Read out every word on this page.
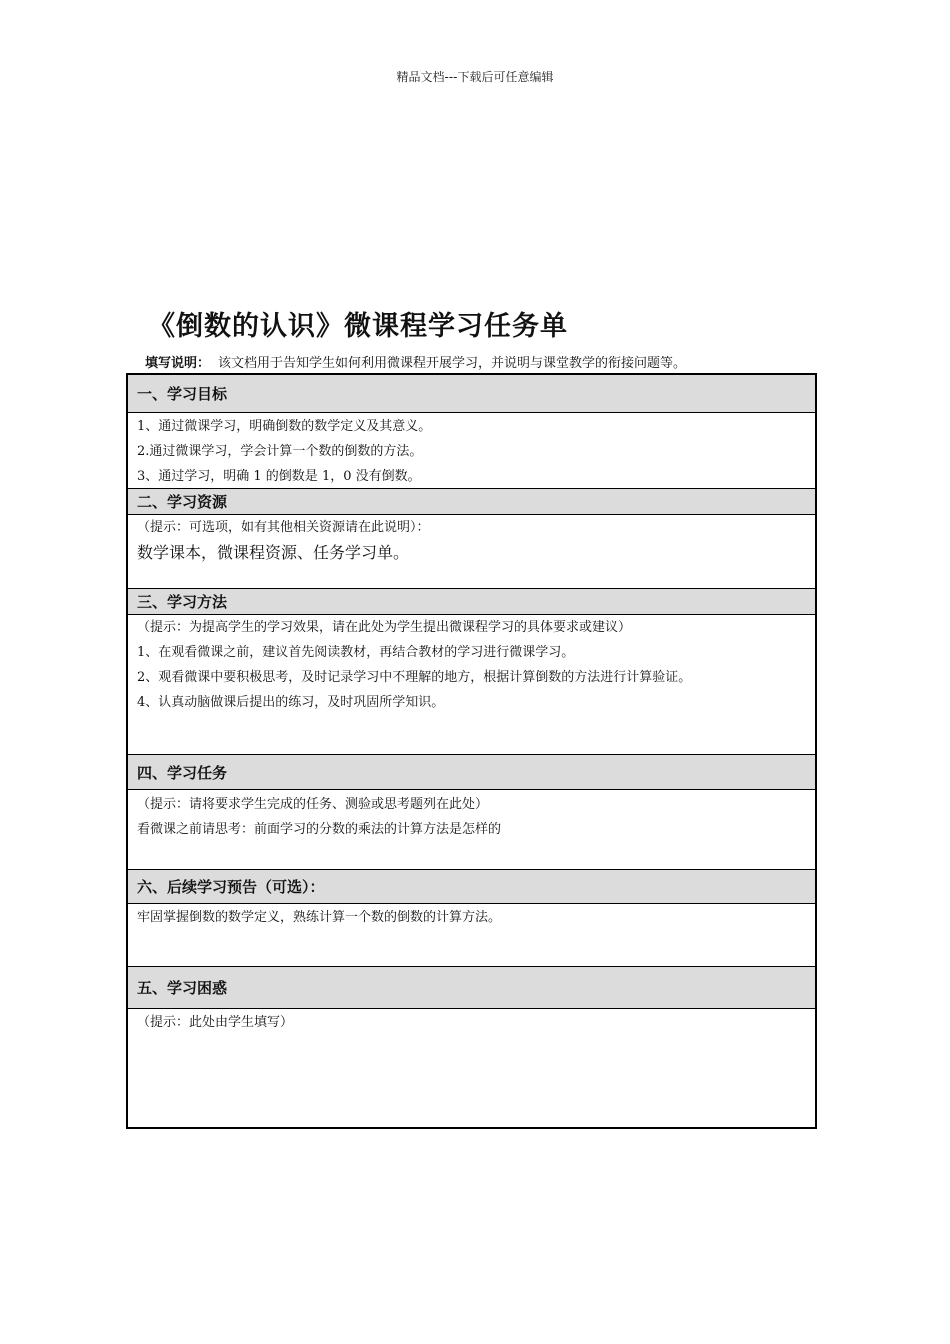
精品文档---下载后可任意编辑
《倒数的认识》微课程学习任务单
填写说明： 该文档用于告知学生如何利用微课程开展学习，并说明与课堂教学的衔接问题等。
一、学习目标
1、通过微课学习，明确倒数的数学定义及其意义。
2.通过微课学习，学会计算一个数的倒数的方法。
3、通过学习，明确 1 的倒数是 1，0 没有倒数。
二、学习资源
（提示：可选项，如有其他相关资源请在此说明）：
数学课本，微课程资源、任务学习单。
三、学习方法
（提示：为提高学生的学习效果，请在此处为学生提出微课程学习的具体要求或建议）
1、在观看微课之前，建议首先阅读教材，再结合教材的学习进行微课学习。
2、观看微课中要积极思考，及时记录学习中不理解的地方，根据计算倒数的方法进行计算验证。
4、认真动脑做课后提出的练习，及时巩固所学知识。
四、学习任务
（提示：请将要求学生完成的任务、测验或思考题列在此处）
看微课之前请思考：前面学习的分数的乘法的计算方法是怎样的
六、后续学习预告（可选）：
牢固掌握倒数的数学定义，熟练计算一个数的倒数的计算方法。
五、学习困惑
（提示：此处由学生填写）
